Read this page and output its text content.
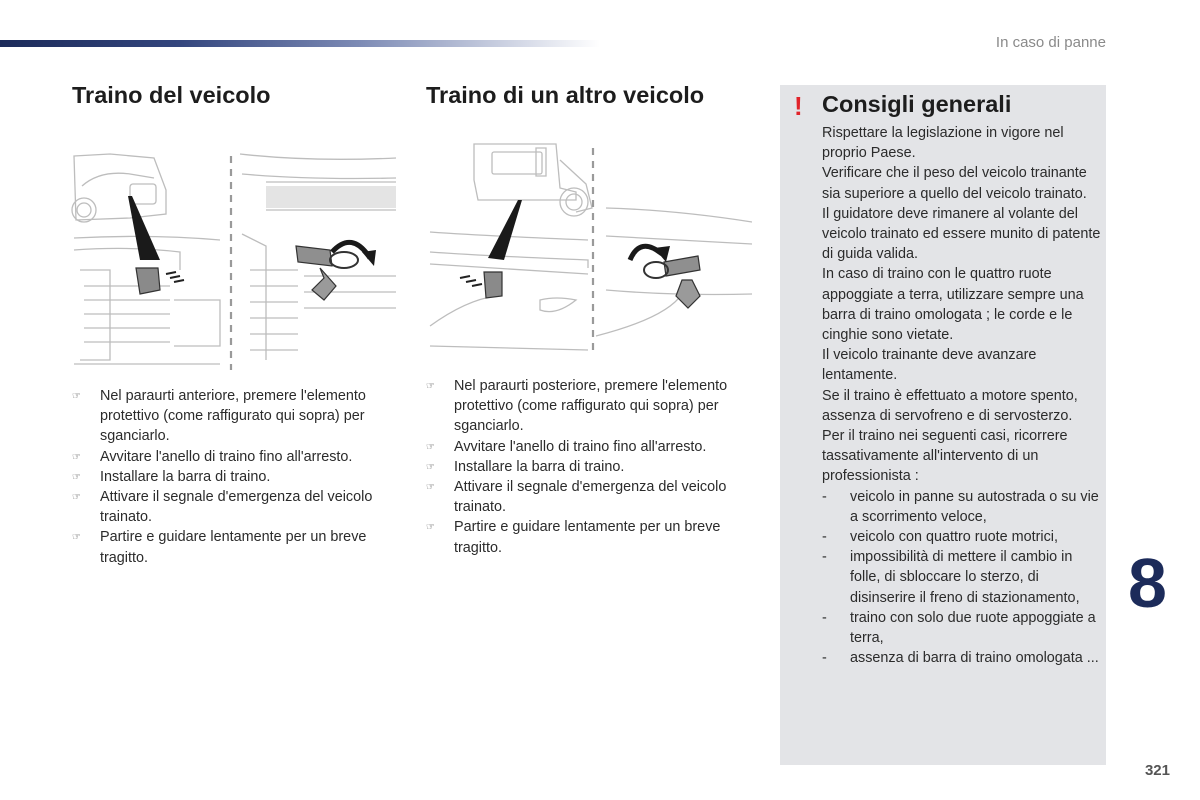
In caso di panne
Traino del veicolo	Traino di un altro veicolo
☞ Nel paraurti anteriore, premere l'elemento protettivo (come raffigurato qui sopra) per sganciarlo.
☞ Avvitare l'anello di traino fino all'arresto.
☞ Installare la barra di traino.
☞ Attivare il segnale d'emergenza del veicolo trainato.
☞ Partire e guidare lentamente per un breve tragitto.
☞ Nel paraurti posteriore, premere l'elemento protettivo (come raffigurato qui sopra) per sganciarlo.
☞ Avvitare l'anello di traino fino all'arresto.
☞ Installare la barra di traino.
☞ Attivare il segnale d'emergenza del veicolo trainato.
☞ Partire e guidare lentamente per un breve tragitto.
! Consigli generali

Rispettare la legislazione in vigore nel proprio Paese.

Verificare che il peso del veicolo trainante sia superiore a quello del veicolo trainato.

Il guidatore deve rimanere al volante del veicolo trainato ed essere munito di patente di guida valida.

In caso di traino con le quattro ruote appoggiate a terra, utilizzare sempre una barra di traino omologata ; le corde e le cinghie sono vietate.

Il veicolo trainante deve avanzare lentamente.

Se il traino è effettuato a motore spento, assenza di servofreno e di servosterzo.

Per il traino nei seguenti casi, ricorrere tassativamente all'intervento di un professionista :

- veicolo in panne su autostrada o su vie a scorrimento veloce,
- veicolo con quattro ruote motrici,
- impossibilità di mettere il cambio in folle, di sbloccare lo sterzo, di disinserire il freno di stazionamento,
- traino con solo due ruote appoggiate a terra,
- assenza di barra di traino omologata ...
8
321
